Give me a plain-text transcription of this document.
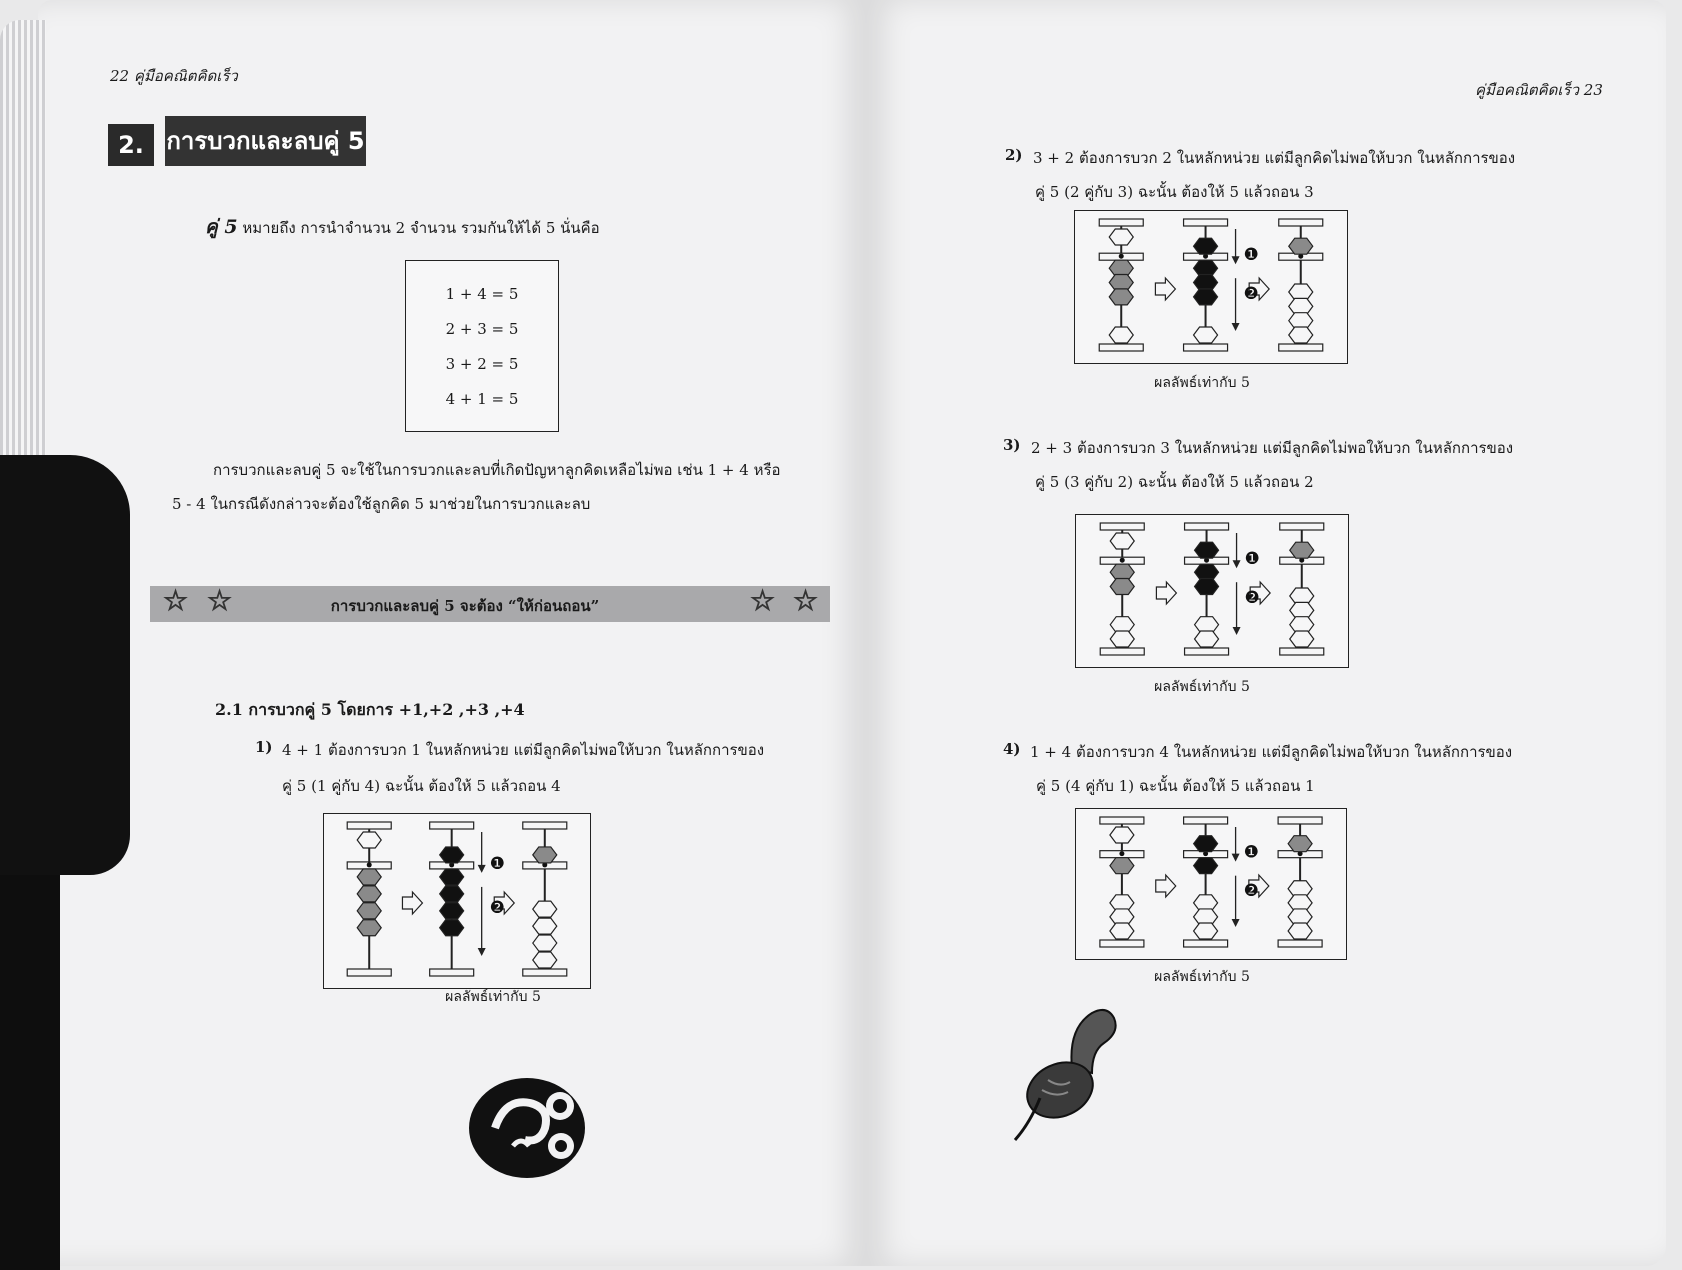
22 คู่มือคณิตคิดเร็ว
2. การบวกและลบคู่ 5
คู่ 5 หมายถึง การนำจำนวน 2 จำนวน รวมกันให้ได้ 5 นั่นคือ
1 + 4 = 5
2 + 3 = 5
3 + 2 = 5
4 + 1 = 5
การบวกและลบคู่ 5 จะใช้ในการบวกและลบที่เกิดปัญหาลูกคิดเหลือไม่พอ เช่น 1 + 4 หรือ
5 - 4 ในกรณีดังกล่าวจะต้องใช้ลูกคิด 5 มาช่วยในการบวกและลบ
☆ ☆	การบวกและลบคู่ 5 จะต้อง “ให้ก่อนถอน”	☆ ☆
2.1 การบวกคู่ 5 โดยการ +1,+2 ,+3 ,+4
1) 4 + 1 ต้องการบวก 1 ในหลักหน่วย แต่มีลูกคิดไม่พอให้บวก ในหลักการของ
คู่ 5 (1 คู่กับ 4) ฉะนั้น ต้องให้ 5 แล้วถอน 4
❶
❷
ผลลัพธ์เท่ากับ 5
คู่มือคณิตคิดเร็ว 23
2) 3 + 2 ต้องการบวก 2 ในหลักหน่วย แต่มีลูกคิดไม่พอให้บวก ในหลักการของ
คู่ 5 (2 คู่กับ 3) ฉะนั้น ต้องให้ 5 แล้วถอน 3
❶
❷
ผลลัพธ์เท่ากับ 5
3) 2 + 3 ต้องการบวก 3 ในหลักหน่วย แต่มีลูกคิดไม่พอให้บวก ในหลักการของ
คู่ 5 (3 คู่กับ 2) ฉะนั้น ต้องให้ 5 แล้วถอน 2
❶
❷
ผลลัพธ์เท่ากับ 5
4) 1 + 4 ต้องการบวก 4 ในหลักหน่วย แต่มีลูกคิดไม่พอให้บวก ในหลักการของ
คู่ 5 (4 คู่กับ 1) ฉะนั้น ต้องให้ 5 แล้วถอน 1
❶
❷
ผลลัพธ์เท่ากับ 5
